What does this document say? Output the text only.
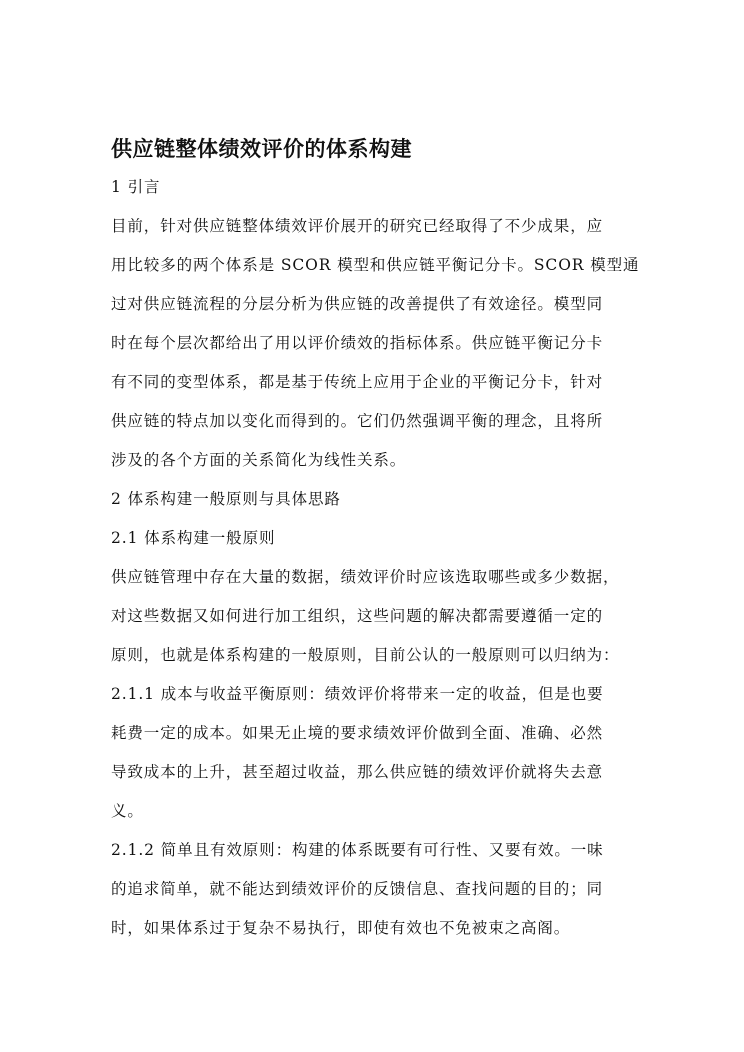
供应链整体绩效评价的体系构建
1 引言
目前，针对供应链整体绩效评价展开的研究已经取得了不少成果，应
用比较多的两个体系是 SCOR 模型和供应链平衡记分卡。SCOR 模型通
过对供应链流程的分层分析为供应链的改善提供了有效途径。模型同
时在每个层次都给出了用以评价绩效的指标体系。供应链平衡记分卡
有不同的变型体系，都是基于传统上应用于企业的平衡记分卡，针对
供应链的特点加以变化而得到的。它们仍然强调平衡的理念，且将所
涉及的各个方面的关系简化为线性关系。
2 体系构建一般原则与具体思路
2.1 体系构建一般原则
供应链管理中存在大量的数据，绩效评价时应该选取哪些或多少数据，
对这些数据又如何进行加工组织，这些问题的解决都需要遵循一定的
原则，也就是体系构建的一般原则，目前公认的一般原则可以归纳为：
2.1.1 成本与收益平衡原则：绩效评价将带来一定的收益，但是也要
耗费一定的成本。如果无止境的要求绩效评价做到全面、准确、必然
导致成本的上升，甚至超过收益，那么供应链的绩效评价就将失去意
义。
2.1.2 简单且有效原则：构建的体系既要有可行性、又要有效。一味
的追求简单，就不能达到绩效评价的反馈信息、查找问题的目的；同
时，如果体系过于复杂不易执行，即使有效也不免被束之高阁。
